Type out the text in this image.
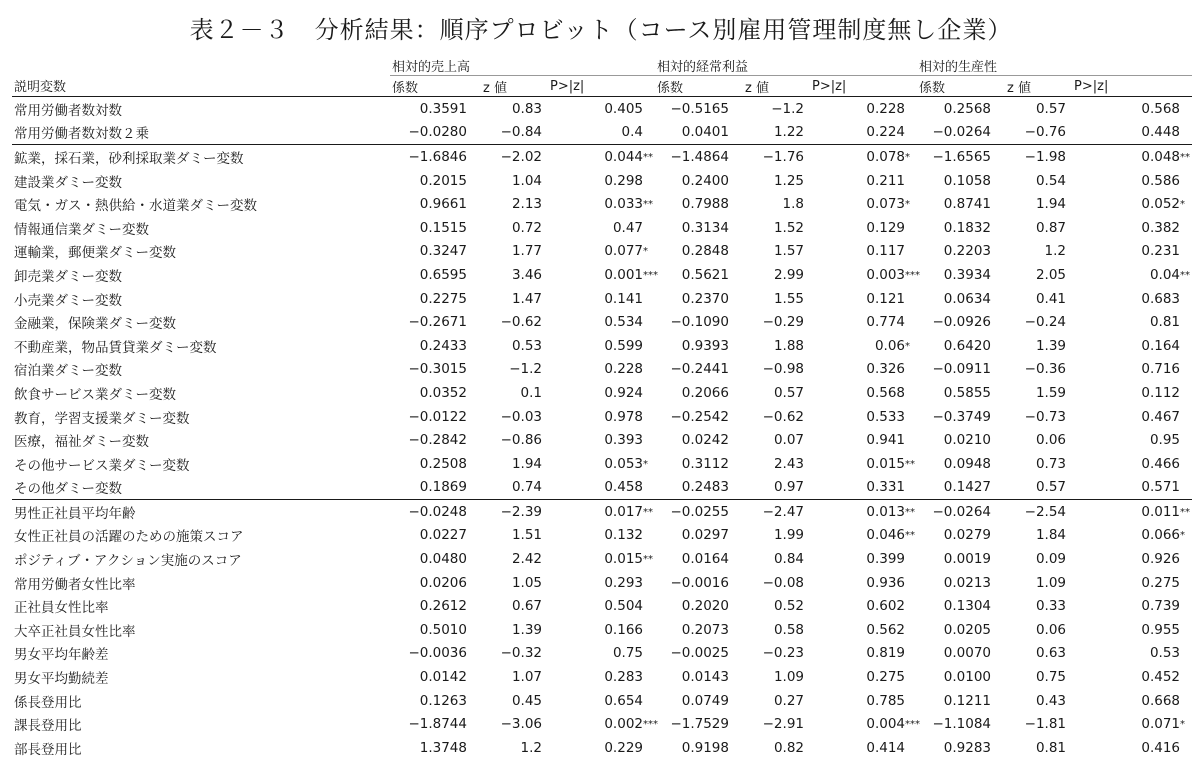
表２－３　分析結果：順序プロビット（コース別雇用管理制度無し企業）
	相対的売上高			相対的経常利益			相対的生産性		
説明変数	係数	z 値	P>|z|	係数	z 値	P>|z|	係数	z 値	P>|z|
常用労働者数対数	0.3591	0.83	0.405	−0.5165	−1.2	0.228	0.2568	0.57	0.568

常用労働者数対数２乗	−0.0280	−0.84	0.4	0.0401	1.22	0.224	−0.0264	−0.76	0.448

鉱業，採石業，砂利採取業ダミー変数	−1.6846	−2.02	0.044 **	−1.4864	−1.76	0.078 *	−1.6565	−1.98	0.048 **

建設業ダミー変数	0.2015	1.04	0.298	0.2400	1.25	0.211	0.1058	0.54	0.586

電気・ガス・熱供給・水道業ダミー変数	0.9661	2.13	0.033 **	0.7988	1.8	0.073 *	0.8741	1.94	0.052 *

情報通信業ダミー変数	0.1515	0.72	0.47	0.3134	1.52	0.129	0.1832	0.87	0.382

運輸業，郵便業ダミー変数	0.3247	1.77	0.077 *	0.2848	1.57	0.117	0.2203	1.2	0.231

卸売業ダミー変数	0.6595	3.46	0.001 ***	0.5621	2.99	0.003 ***	0.3934	2.05	0.04 **

小売業ダミー変数	0.2275	1.47	0.141	0.2370	1.55	0.121	0.0634	0.41	0.683

金融業，保険業ダミー変数	−0.2671	−0.62	0.534	−0.1090	−0.29	0.774	−0.0926	−0.24	0.81

不動産業，物品賃貸業ダミー変数	0.2433	0.53	0.599	0.9393	1.88	0.06 *	0.6420	1.39	0.164

宿泊業ダミー変数	−0.3015	−1.2	0.228	−0.2441	−0.98	0.326	−0.0911	−0.36	0.716

飲食サービス業ダミー変数	0.0352	0.1	0.924	0.2066	0.57	0.568	0.5855	1.59	0.112

教育，学習支援業ダミー変数	−0.0122	−0.03	0.978	−0.2542	−0.62	0.533	−0.3749	−0.73	0.467

医療，福祉ダミー変数	−0.2842	−0.86	0.393	0.0242	0.07	0.941	0.0210	0.06	0.95

その他サービス業ダミー変数	0.2508	1.94	0.053 *	0.3112	2.43	0.015 **	0.0948	0.73	0.466

その他ダミー変数	0.1869	0.74	0.458	0.2483	0.97	0.331	0.1427	0.57	0.571

男性正社員平均年齢	−0.0248	−2.39	0.017 **	−0.0255	−2.47	0.013 **	−0.0264	−2.54	0.011 **

女性正社員の活躍のための施策スコア	0.0227	1.51	0.132	0.0297	1.99	0.046 **	0.0279	1.84	0.066 *

ポジティブ・アクション実施のスコア	0.0480	2.42	0.015 **	0.0164	0.84	0.399	0.0019	0.09	0.926

常用労働者女性比率	0.0206	1.05	0.293	−0.0016	−0.08	0.936	0.0213	1.09	0.275

正社員女性比率	0.2612	0.67	0.504	0.2020	0.52	0.602	0.1304	0.33	0.739

大卒正社員女性比率	0.5010	1.39	0.166	0.2073	0.58	0.562	0.0205	0.06	0.955

男女平均年齢差	−0.0036	−0.32	0.75	−0.0025	−0.23	0.819	0.0070	0.63	0.53

男女平均勤続差	0.0142	1.07	0.283	0.0143	1.09	0.275	0.0100	0.75	0.452

係長登用比	0.1263	0.45	0.654	0.0749	0.27	0.785	0.1211	0.43	0.668

課長登用比	−1.8744	−3.06	0.002 ***	−1.7529	−2.91	0.004 ***	−1.1084	−1.81	0.071 *

部長登用比	1.3748	1.2	0.229	0.9198	0.82	0.414	0.9283	0.81	0.416
